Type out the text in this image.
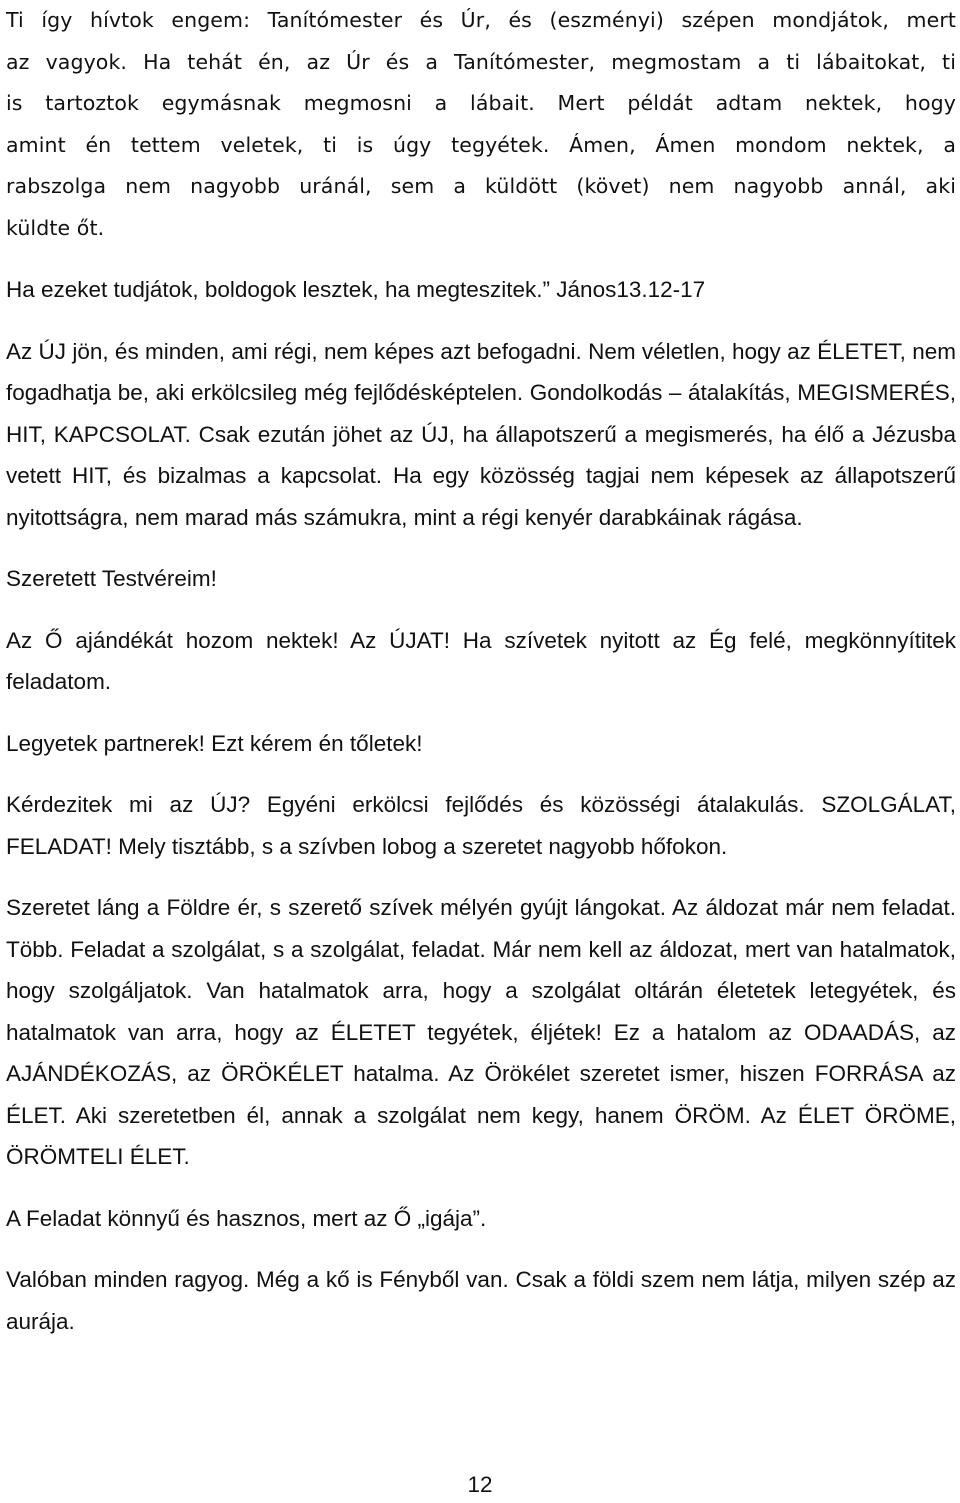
Ti így hívtok engem: Tanítómester és Úr, és (eszményi) szépen mondjátok, mert
az vagyok. Ha tehát én, az Úr és a Tanítómester, megmostam a ti lábaitokat, ti
is tartoztok egymásnak megmosni a lábait. Mert példát adtam nektek, hogy
amint én tettem veletek, ti is úgy tegyétek. Ámen, Ámen mondom nektek, a
rabszolga nem nagyobb uránál, sem a küldött (követ) nem nagyobb annál, aki
küldte őt.

Ha ezeket tudjátok, boldogok lesztek, ha megteszitek.” János13.12-17

Az ÚJ jön, és minden, ami régi, nem képes azt befogadni. Nem véletlen, hogy az ÉLETET, nem fogadhatja be, aki erkölcsileg még fejlődésképtelen. Gondolkodás – átalakítás, MEGISMERÉS, HIT, KAPCSOLAT. Csak ezután jöhet az ÚJ, ha állapotszerű a megismerés, ha élő a Jézusba vetett HIT, és bizalmas a kapcsolat. Ha egy közösség tagjai nem képesek az állapotszerű nyitottságra, nem marad más számukra, mint a régi kenyér darabkáinak rágása.

Szeretett Testvéreim!

Az Ő ajándékát hozom nektek! Az ÚJAT! Ha szívetek nyitott az Ég felé, megkönnyítitek feladatom.

Legyetek partnerek! Ezt kérem én tőletek!

Kérdezitek mi az ÚJ? Egyéni erkölcsi fejlődés és közösségi átalakulás. SZOLGÁLAT, FELADAT! Mely tisztább, s a szívben lobog a szeretet nagyobb hőfokon.

Szeretet láng a Földre ér, s szerető szívek mélyén gyújt lángokat. Az áldozat már nem feladat. Több. Feladat a szolgálat, s a szolgálat, feladat. Már nem kell az áldozat, mert van hatalmatok, hogy szolgáljatok. Van hatalmatok arra, hogy a szolgálat oltárán életetek letegyétek, és hatalmatok van arra, hogy az ÉLETET tegyétek, éljétek! Ez a hatalom az ODAADÁS, az AJÁNDÉKOZÁS, az ÖRÖKÉLET hatalma. Az Örökélet szeretet ismer, hiszen FORRÁSA az ÉLET. Aki szeretetben él, annak a szolgálat nem kegy, hanem ÖRÖM. Az ÉLET ÖRÖME, ÖRÖMTELI ÉLET.

A Feladat könnyű és hasznos, mert az Ő „igája”.

Valóban minden ragyog. Még a kő is Fényből van. Csak a földi szem nem látja, milyen szép az aurája.

12
